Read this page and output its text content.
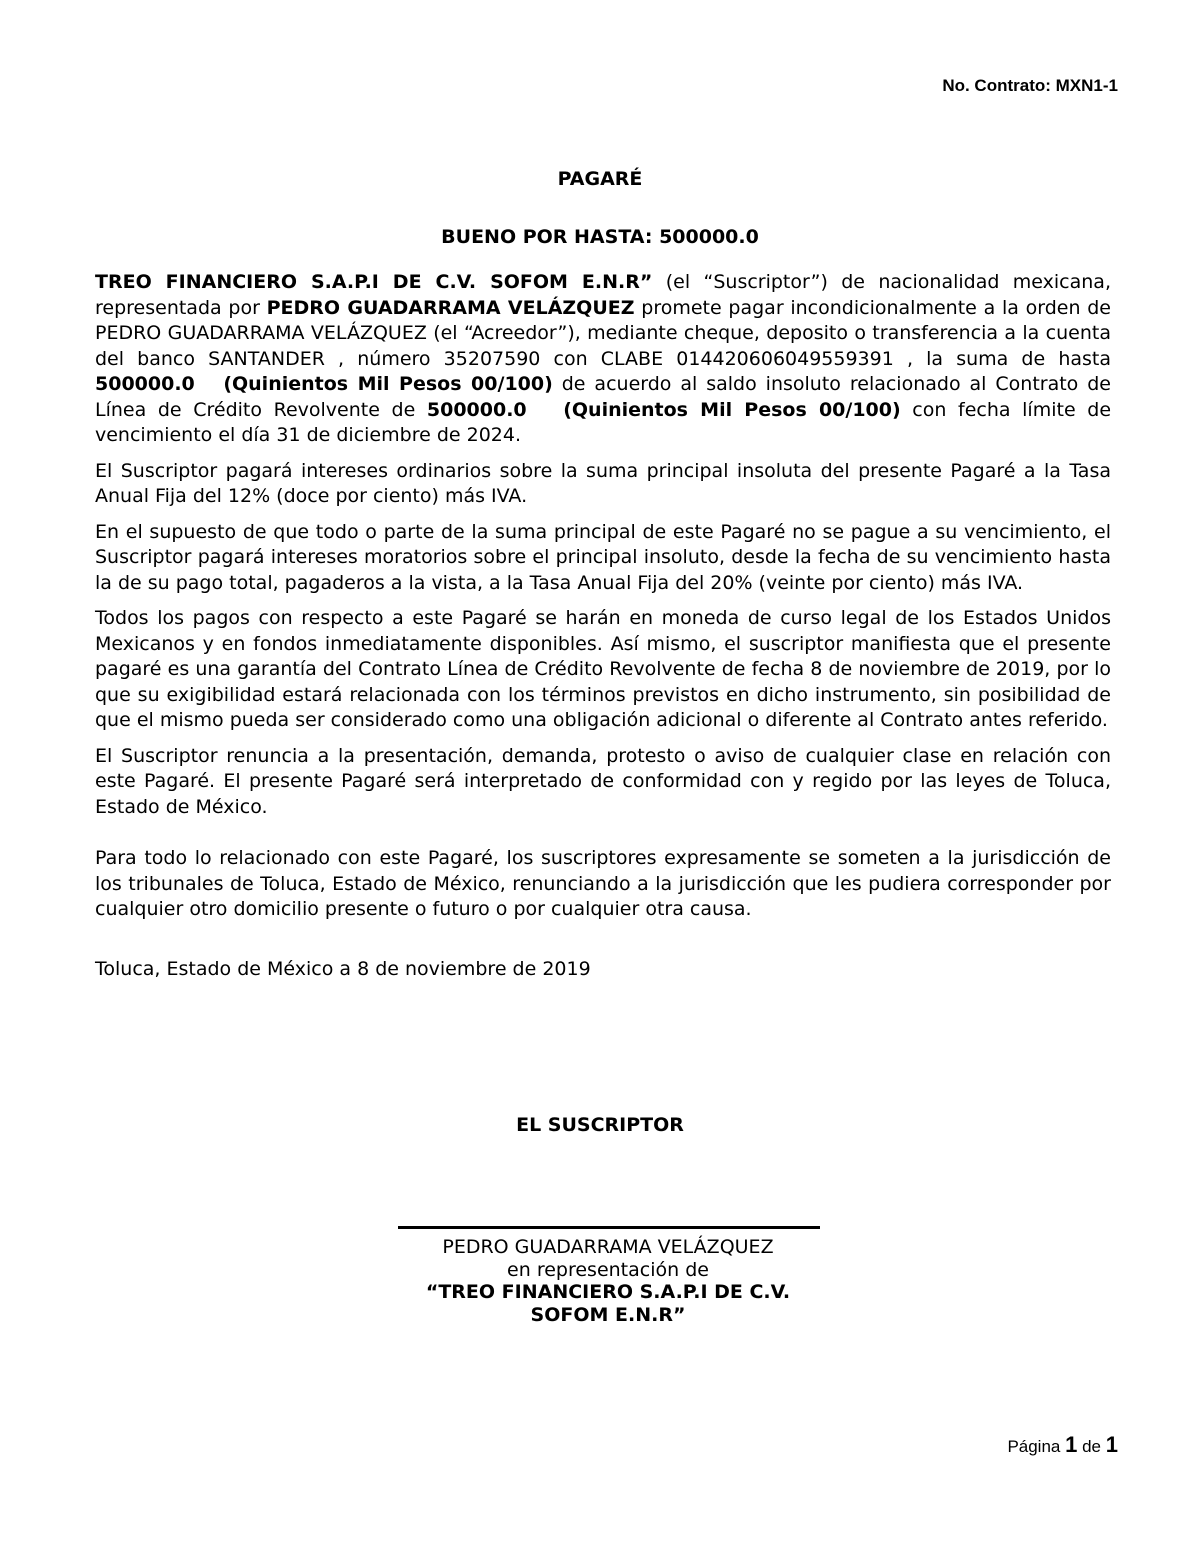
No. Contrato: MXN1-1
PAGARÉ
BUENO POR HASTA: 500000.0

TREO FINANCIERO S.A.P.I DE C.V. SOFOM E.N.R” (el “Suscriptor”) de nacionalidad mexicana, representada por PEDRO GUADARRAMA VELÁZQUEZ promete pagar incondicionalmente a la orden de PEDRO GUADARRAMA VELÁZQUEZ (el “Acreedor”), mediante cheque, deposito o transferencia a la cuenta del banco SANTANDER , número 35207590 con CLABE 014420606049559391 , la suma de hasta 500000.0   (Quinientos Mil Pesos 00/100) de acuerdo al saldo insoluto relacionado al Contrato de Línea de Crédito Revolvente de 500000.0   (Quinientos Mil Pesos 00/100) con fecha límite de vencimiento el día 31 de diciembre de 2024.

El Suscriptor pagará intereses ordinarios sobre la suma principal insoluta del presente Pagaré a la Tasa Anual Fija del 12% (doce por ciento) más IVA.

En el supuesto de que todo o parte de la suma principal de este Pagaré no se pague a su vencimiento, el Suscriptor pagará intereses moratorios sobre el principal insoluto, desde la fecha de su vencimiento hasta la de su pago total, pagaderos a la vista, a la Tasa Anual Fija del 20% (veinte por ciento) más IVA.

Todos los pagos con respecto a este Pagaré se harán en moneda de curso legal de los Estados Unidos Mexicanos y en fondos inmediatamente disponibles. Así mismo, el suscriptor manifiesta que el presente pagaré es una garantía del Contrato Línea de Crédito Revolvente de fecha 8 de noviembre de 2019, por lo que su exigibilidad estará relacionada con los términos previstos en dicho instrumento, sin posibilidad de que el mismo pueda ser considerado como una obligación adicional o diferente al Contrato antes referido.

El Suscriptor renuncia a la presentación, demanda, protesto o aviso de cualquier clase en relación con este Pagaré. El presente Pagaré será interpretado de conformidad con y regido por las leyes de Toluca, Estado de México.

Para todo lo relacionado con este Pagaré, los suscriptores expresamente se someten a la jurisdicción de los tribunales de Toluca, Estado de México, renunciando a la jurisdicción que les pudiera corresponder por cualquier otro domicilio presente o futuro o por cualquier otra causa.

Toluca, Estado de México a 8 de noviembre de 2019

EL SUSCRIPTOR
PEDRO GUADARRAMA VELÁZQUEZ
en representación de
“TREO FINANCIERO S.A.P.I DE C.V.
SOFOM E.N.R”
Página 1 de 1
